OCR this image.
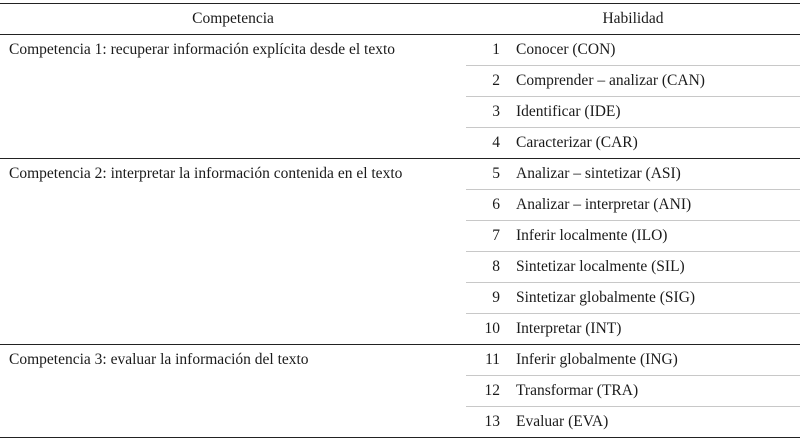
Competencia	Habilidad	
Competencia 1: recuperar información explícita desde el texto	1	Conocer (CON)
	2	Comprender – analizar (CAN)
	3	Identificar (IDE)
	4	Caracterizar (CAR)
Competencia 2: interpretar la información contenida en el texto	5	Analizar – sintetizar (ASI)
	6	Analizar – interpretar (ANI)
	7	Inferir localmente (ILO)
	8	Sintetizar localmente (SIL)
	9	Sintetizar globalmente (SIG)
	10	Interpretar (INT)
Competencia 3: evaluar la información del texto	11	Inferir globalmente (ING)
	12	Transformar (TRA)
	13	Evaluar (EVA)
